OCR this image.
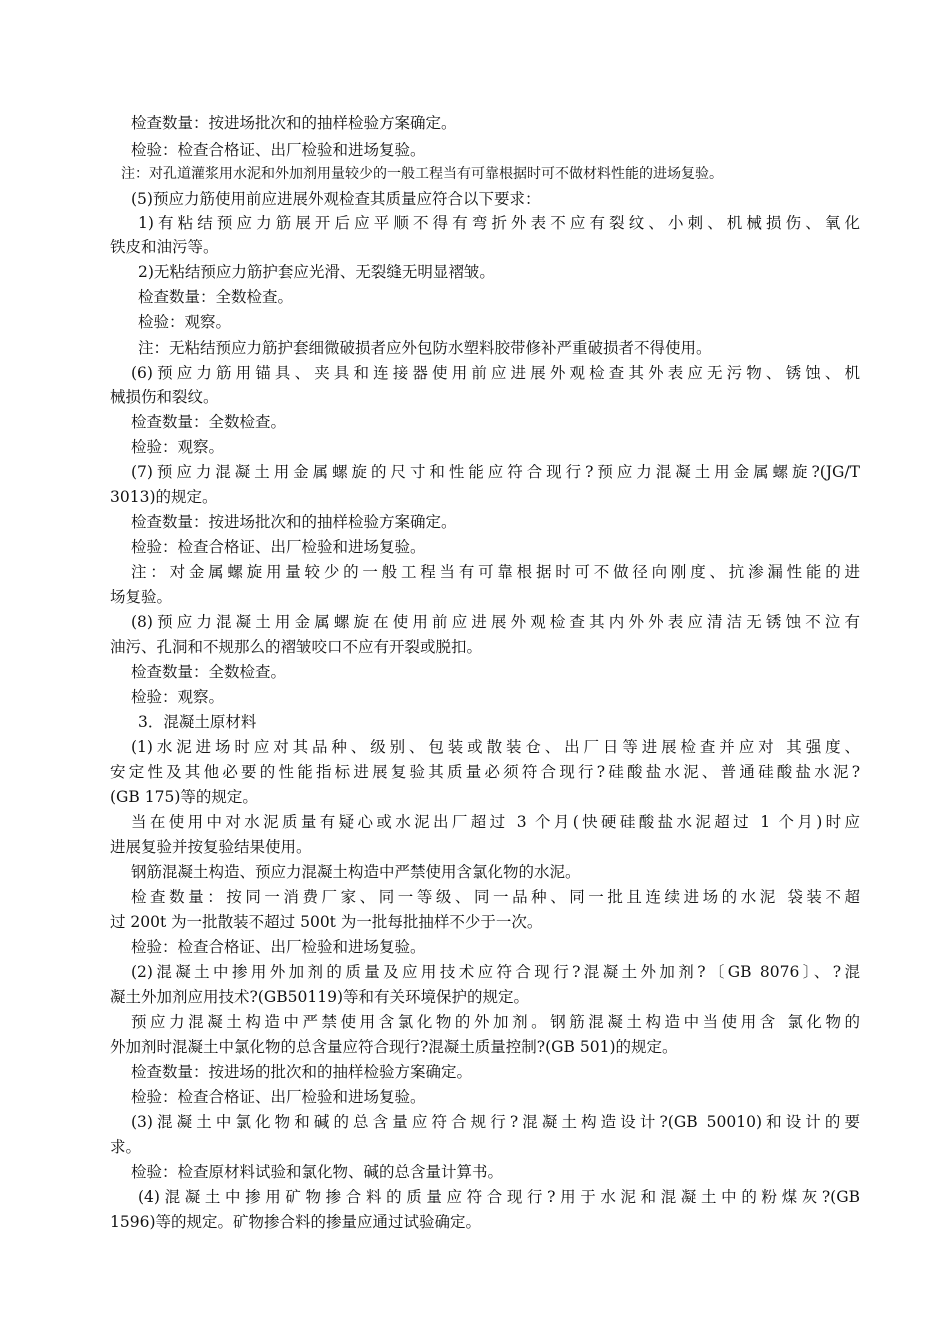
检查数量：按进场批次和的抽样检验方案确定。
检验：检查合格证、出厂检验和进场复验。
注：对孔道灌浆用水泥和外加剂用量较少的一般工程当有可靠根据时可不做材料性能的进场复验。
(5)预应力筋使用前应进展外观检查其质量应符合以下要求：
1)有粘结预应力筋展开后应平顺不得有弯折外表不应有裂纹、小刺、机械损伤、氧化
铁皮和油污等。
2)无粘结预应力筋护套应光滑、无裂缝无明显褶皱。
检查数量：全数检查。
检验：观察。
注：无粘结预应力筋护套细微破损者应外包防水塑料胶带修补严重破损者不得使用。
(6)预应力筋用锚具、夹具和连接器使用前应进展外观检查其外表应无污物、锈蚀、机
械损伤和裂纹。
检查数量：全数检查。
检验：观察。
(7)预应力混凝土用金属螺旋的尺寸和性能应符合现行?预应力混凝土用金属螺旋?(JG/T
3013)的规定。
检查数量：按进场批次和的抽样检验方案确定。
检验：检查合格证、出厂检验和进场复验。
注：对金属螺旋用量较少的一般工程当有可靠根据时可不做径向刚度、抗渗漏性能的进
场复验。
(8)预应力混凝土用金属螺旋在使用前应进展外观检查其内外外表应清洁无锈蚀不泣有
油污、孔洞和不规那么的褶皱咬口不应有开裂或脱扣。
检查数量：全数检查。
检验：观察。
3．混凝土原材料
(1)水泥进场时应对其品种、级别、包装或散装仓、出厂日等进展检查并应对 其强度、
安定性及其他必要的性能指标进展复验其质量必须符合现行?硅酸盐水泥、普通硅酸盐水泥?
(GB 175)等的规定。
当在使用中对水泥质量有疑心或水泥出厂超过 3 个月(快硬硅酸盐水泥超过 1 个月)时应
进展复验并按复验结果使用。
钢筋混凝土构造、预应力混凝土构造中严禁使用含氯化物的水泥。
检查数量：按同一消费厂家、同一等级、同一品种、同一批且连续进场的水泥 袋装不超
过 200t 为一批散装不超过 500t 为一批每批抽样不少于一次。
检验：检查合格证、出厂检验和进场复验。
(2)混凝土中掺用外加剂的质量及应用技术应符合现行?混凝土外加剂?〔GB 8076〕、?混
凝土外加剂应用技术?(GB50119)等和有关环境保护的规定。
预应力混凝土构造中严禁使用含氯化物的外加剂。钢筋混凝土构造中当使用含 氯化物的
外加剂时混凝土中氯化物的总含量应符合现行?混凝土质量控制?(GB 501)的规定。
检查数量：按进场的批次和的抽样检验方案确定。
检验：检查合格证、出厂检验和进场复验。
(3)混凝土中氯化物和碱的总含量应符合规行?混凝土构造设计?(GB 50010)和设计的要
求。
检验：检查原材料试验和氯化物、碱的总含量计算书。
(4)混凝土中掺用矿物掺合料的质量应符合现行?用于水泥和混凝土中的粉煤灰?(GB
1596)等的规定。矿物掺合料的掺量应通过试验确定。
